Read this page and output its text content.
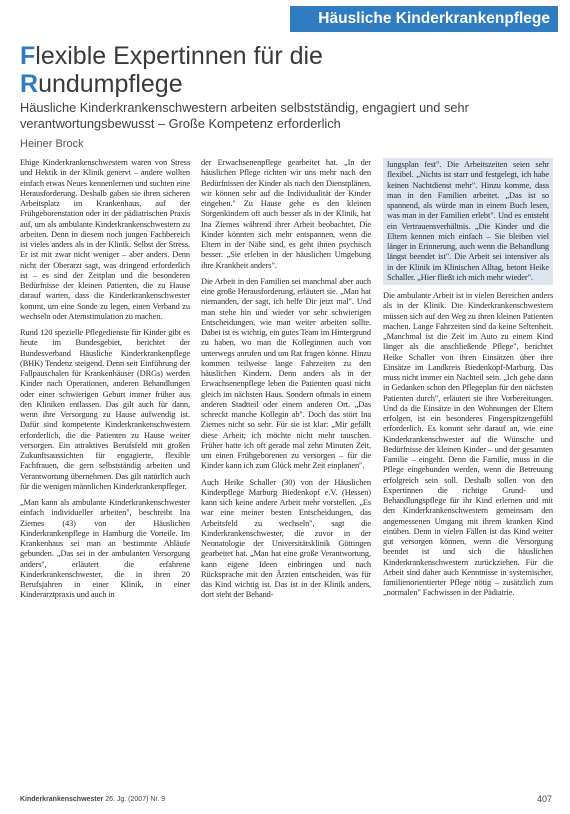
Häusliche Kinderkrankenpflege
Flexible Expertinnen für die
Rundumpflege
Häusliche Kinderkrankenschwestern arbeiten selbstständig, engagiert und sehr verantwortungsbewusst – Große Kompetenz erforderlich
Heiner Brock

Ehige Kinderkrankenschwestern waren von Stress und Hektik in der Klinik genervt – andere wollten einfach etwas Neues kennenlernen und suchten eine Herausforderung. Deshalb gaben sie ihren sicheren Arbeitsplatz im Krankenhaus, auf der Frühgeborenstation oder in der pädiatrischen Praxis auf, um als ambulante Kinderkrankenschwestern zu arbeiten. Denn in diesem noch jungen Fachbereich ist vieles anders als in der Klinik. Selbst der Stress. Er ist mit zwar nicht weniger – aber anders. Denn nicht der Oberarzt sagt, was dringend erforderlich ist – es sind der Zeitplan und die besonderen Bedürfnisse der kleinen Patienten, die zu Hause darauf warten, dass die Kinderkrankenschwester kommt, um eine Sonde zu legen, einen Verband zu wechseln oder Atemstimulation zu machen.

Rund 120 spezielle Pflegedienste für Kinder gibt es heute im Bundesgebiet, berichtet der Bundesverband Häusliche Kinderkrankenpflege (BHK) Tendenz steigend. Denn seit Einführung der Fallpauschalen für Krankenhäuser (DRGs) werden Kinder nach Operationen, anderen Behandlungen oder einer schwierigen Geburt immer früher aus den Kliniken entlassen. Das gilt auch für dann, wenn ihre Versorgung zu Hause aufwendig ist. Dafür sind kompetente Kinderkrankenschwestern erforderlich, die die Patienten zu Hause weiter versorgen. Ein attraktives Berufsfeld mit großen Zukunftsaussichten für engagierte, flexible Fachfrauen, die gern selbstständig arbeiten und Verantwortung übernehmen. Das gilt natürlich auch für die wenigen männlichen Kinderkrankenpfleger.

„Man kann als ambulante Kinderkrankenschwester einfach individueller arbeiten", beschreibt Ina Ziemes (43) von der Häuslichen Kinderkrankenpflege in Hamburg die Vorteile. Im Krankenhaus sei man an bestimmte Abläufe gebunden. „Das sei in der ambulanten Versorgung anders", erläutert die erfahrene Kinderkrankenschwester, die in ihren 20 Berufsjahren in einer Klinik, in einer Kinderarztpraxis und auch in

der Erwachsenenpflege gearbeitet hat. „In der häuslichen Pflege richten wir uns mehr nach den Bedürfnissen der Kinder als nach den Dienstplänen, wir können sehr auf die Individualität der Kinder eingehen." Zu Hause gehe es den kleinen Sorgenkindern oft auch besser als in der Klinik, hat Ina Ziemes während ihrer Arbeit beobachtet. Die Kinder könnten sich mehr entspannen, wenn die Eltern in der Nähe sind, es geht ihnen psychisch besser. „Sie erleben in der häuslichen Umgebung ihre Krankheit anders".

Die Arbeit in den Familien sei manchmal aber auch eine große Herausforderung, erläutert sie. „Man hat niemanden, der sagt, ich helfe Dir jetzt mal". Und man stehe hin und wieder vor sehr schwierigen Entscheidungen, wie man weiter arbeiten sollte. Dabei ist es wichtig, ein gutes Team im Hintergrund zu haben, wo man die Kolleginnen auch von unterwegs anrufen und um Rat fragen könne. Hinzu kommen teilweise lange Fahrzeiten zu den häuslichen Kindern. Denn anders als in der Erwachsenenpflege leben die Patienten quasi nicht gleich im nächsten Haus. Sondern oftmals in einem anderen Stadtteil oder einem anderen Ort. „Das schreckt manche Kollegin ab". Doch das stört Ina Ziemes nicht so sehr. Für sie ist klar: „Mir gefällt diese Arbeit; ich möchte nicht mehr tauschen. Früher hatte ich oft gerade mal zehn Minuten Zeit, um einen Frühgeborenen zu versorgen – für die Kinder kann ich zum Glück mehr Zeit einplanen".

Auch Heike Schaller (30) von der Häuslichen Kinderpflege Marburg Biedenkopf e.V. (Hessen) kann sich keine andere Arbeit mehr vorstellen. „Es war eine meiner besten Entscheidungen, das Arbeitsfeld zu wechseln", sagt die Kinderkrankenschwester, die zuvor in der Neonatologie der Universitätsklinik Göttingen gearbeitet hat. „Man hat eine große Verantwortung, kann eigene Ideen einbringen und nach Rücksprache mit den Ärzten entscheiden, was für das Kind wichtig ist. Das ist in der Klinik anders, dort steht der Behand-

lungsplan fest". Die Arbeitszeiten seien sehr flexibel. „Nichts ist starr und festgelegt, ich habe keinen Nachtdienst mehr". Hinzu komme, dass man in den Familien arbeitet. „Das ist so spannend, als würde man in einem Buch lesen, was man in der Familien erlebt". Und es entsteht ein Vertrauensverhältnis. „Die Kinder und die Eltern kennen mich einfach – Sie bleiben viel länger in Erinnerung, auch wenn die Behandlung längst beendet ist". Die Arbeit sei intensiver als in der Klinik im Klinischen Alltag, betont Heike Schaller. „Hier fließt ich mich mehr wieder".

Die ambulante Arbeit ist in vielen Bereichen anders als in der Klinik. Die Kinderkrankenschwestern müssen sich auf den Weg zu ihren kleinen Patienten machen. Lange Fahrzeiten sind da keine Seltenheit. „Manchmal ist die Zeit im Auto zu einem Kind länger als die anschließende Pflege", berichtet Heike Schaller von ihren Einsätzen über ihre Einsätze im Landkreis Biedenkopf-Marburg. Das muss nicht immer ein Nachteil sein. „Ich gehe dann in Gedanken schon den Pflegeplan für den nächsten Patienten durch", erläutert sie ihre Vorbereitungen. Und da die Einsätze in den Wohnungen der Eltern erfolgen, ist ein besonderes Fingerspitzengefühl erforderlich. Es kommt sehr darauf an, wie eine Kinderkrankenschwester auf die Wünsche und Bedürfnisse der kleinen Kinder – und der gesamten Familie – eingeht. Denn die Familie, muss in die Pflege eingebunden werden, wenn die Betreuung erfolgreich sein soll. Deshalb sollen von den Expertinnen die richtige Grund- und Behandlungspflege für ihr Kind erlernen und mit den Kinderkrankenschwestern gemeinsam den angemessenen Umgang mit ihrem kranken Kind einüben. Denn in vielen Fällen ist das Kind weiter gut versorgen können, wenn die Versorgung beendet ist und sich die häuslichen Kinderkrankenschwestern zurückziehen. Für die Arbeit sind daher auch Kenntnisse in systemischer, familienorientierter Pflege nötig – zusätzlich zum „normalen" Fachwissen in der Pädiatrie.

Kinderkrankenschwester 26. Jg. (2007) Nr. 9	407
